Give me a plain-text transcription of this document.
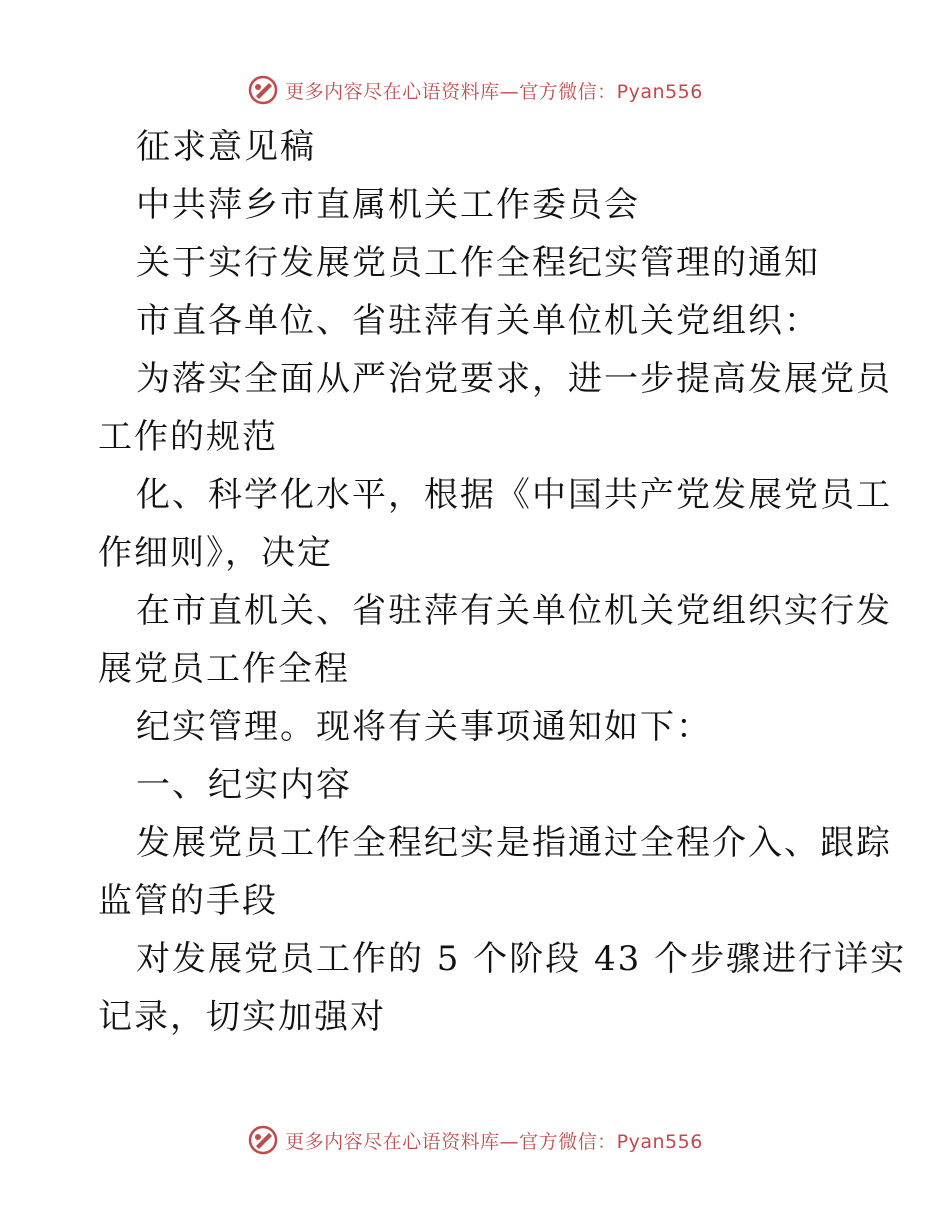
更多内容尽在心语资料库—官方微信：Pyan556
征求意见稿
中共萍乡市直属机关工作委员会
关于实行发展党员工作全程纪实管理的通知
市直各单位、省驻萍有关单位机关党组织：
为落实全面从严治党要求，进一步提高发展党员
工作的规范
化、科学化水平，根据《中国共产党发展党员工
作细则》，决定
在市直机关、省驻萍有关单位机关党组织实行发
展党员工作全程
纪实管理。现将有关事项通知如下：
一、纪实内容
发展党员工作全程纪实是指通过全程介入、跟踪
监管的手段
对发展党员工作的 5 个阶段 43 个步骤进行详实
记录，切实加强对
更多内容尽在心语资料库—官方微信：Pyan556
